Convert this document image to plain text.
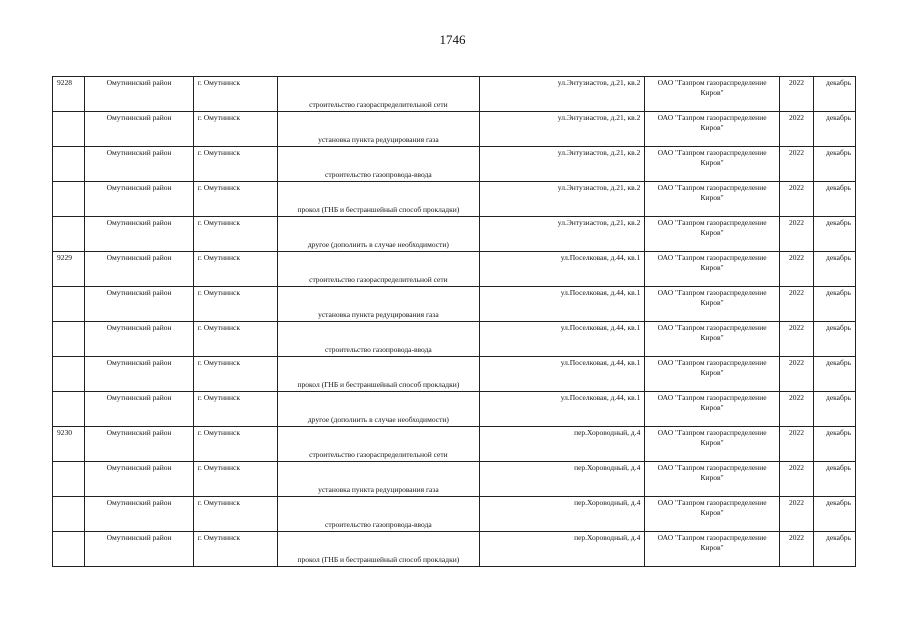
1746
9228	Омутнинский район	г. Омутнинск	строительство газораспределительной сети	ул.Энтузиастов, д.21, кв.2	ОАО "Газпром газораспределение Киров"	2022	декабрь
	Омутнинский район	г. Омутнинск	установка пункта редуцирования газа	ул.Энтузиастов, д.21, кв.2	ОАО "Газпром газораспределение Киров"	2022	декабрь
	Омутнинский район	г. Омутнинск	строительство газопровода-ввода	ул.Энтузиастов, д.21, кв.2	ОАО "Газпром газораспределение Киров"	2022	декабрь
	Омутнинский район	г. Омутнинск	прокол (ГНБ и бестраншейный способ прокладки)	ул.Энтузиастов, д.21, кв.2	ОАО "Газпром газораспределение Киров"	2022	декабрь
	Омутнинский район	г. Омутнинск	другое (дополнить в случае необходимости)	ул.Энтузиастов, д.21, кв.2	ОАО "Газпром газораспределение Киров"	2022	декабрь
9229	Омутнинский район	г. Омутнинск	строительство газораспределительной сети	ул.Поселковая, д.44, кв.1	ОАО "Газпром газораспределение Киров"	2022	декабрь
	Омутнинский район	г. Омутнинск	установка пункта редуцирования газа	ул.Поселковая, д.44, кв.1	ОАО "Газпром газораспределение Киров"	2022	декабрь
	Омутнинский район	г. Омутнинск	строительство газопровода-ввода	ул.Поселковая, д.44, кв.1	ОАО "Газпром газораспределение Киров"	2022	декабрь
	Омутнинский район	г. Омутнинск	прокол (ГНБ и бестраншейный способ прокладки)	ул.Поселковая, д.44, кв.1	ОАО "Газпром газораспределение Киров"	2022	декабрь
	Омутнинский район	г. Омутнинск	другое (дополнить в случае необходимости)	ул.Поселковая, д.44, кв.1	ОАО "Газпром газораспределение Киров"	2022	декабрь
9230	Омутнинский район	г. Омутнинск	строительство газораспределительной сети	пер.Хороводный, д.4	ОАО "Газпром газораспределение Киров"	2022	декабрь
	Омутнинский район	г. Омутнинск	установка пункта редуцирования газа	пер.Хороводный, д.4	ОАО "Газпром газораспределение Киров"	2022	декабрь
	Омутнинский район	г. Омутнинск	строительство газопровода-ввода	пер.Хороводный, д.4	ОАО "Газпром газораспределение Киров"	2022	декабрь
	Омутнинский район	г. Омутнинск	прокол (ГНБ и бестраншейный способ прокладки)	пер.Хороводный, д.4	ОАО "Газпром газораспределение Киров"	2022	декабрь
